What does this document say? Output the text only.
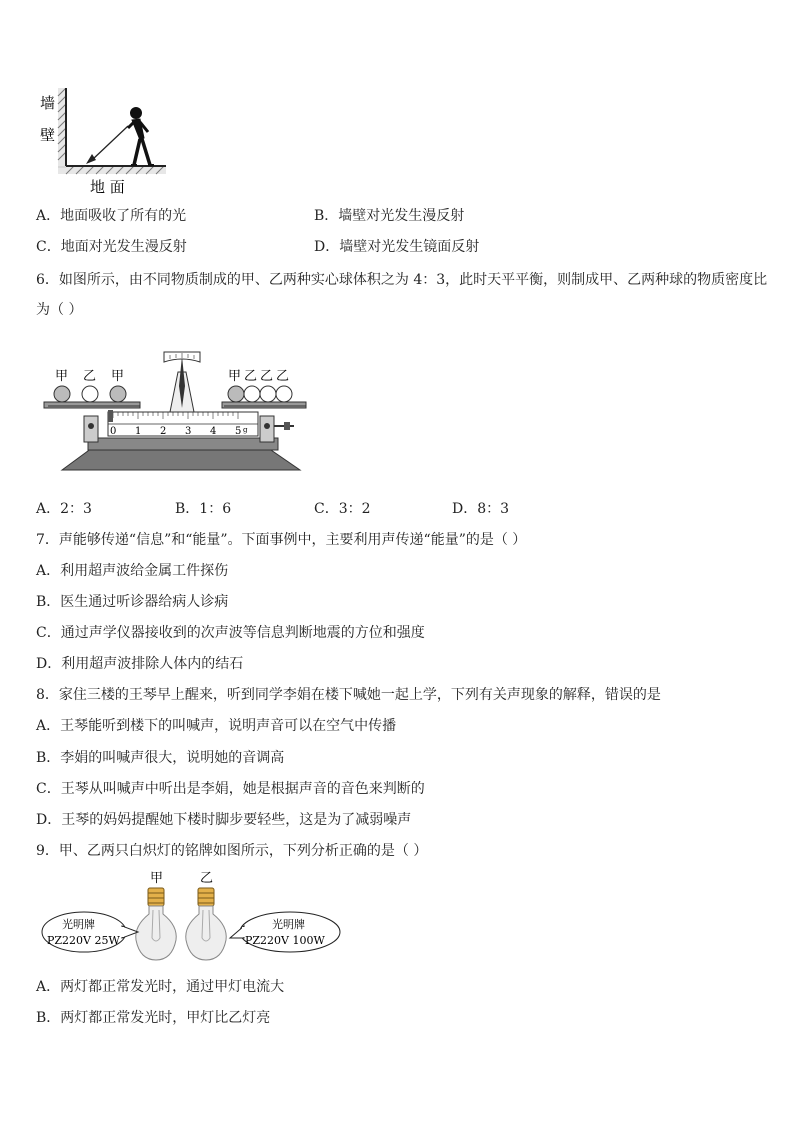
墙
壁
地 面
A．地面吸收了所有的光	B．墙壁对光发生漫反射
C．地面对光发生漫反射	D．墙壁对光发生镜面反射
6．如图所示，由不同物质制成的甲、乙两种实心球体积之为 4：3，此时天平平衡，则制成甲、乙两种球的物质密度比
为（ ）
0 1 2 3 4 5 g
甲 乙 甲	甲 乙 乙 乙
A．2：3	B．1：6	C．3：2	D．8：3
7．声能够传递“信息”和“能量”。下面事例中，主要利用声传递“能量”的是（ ）
A．利用超声波给金属工件探伤
B．医生通过听诊器给病人诊病
C．通过声学仪器接收到的次声波等信息判断地震的方位和强度
D．利用超声波排除人体内的结石
8．家住三楼的王琴早上醒来，听到同学李娟在楼下喊她一起上学，下列有关声现象的解释，错误的是
A．王琴能听到楼下的叫喊声，说明声音可以在空气中传播
B．李娟的叫喊声很大，说明她的音调高
C．王琴从叫喊声中听出是李娟，她是根据声音的音色来判断的
D．王琴的妈妈提醒她下楼时脚步要轻些，这是为了减弱噪声
9．甲、乙两只白炽灯的铭牌如图所示，下列分析正确的是（ ）
甲	乙
光明牌
PZ220V 25W
光明牌
PZ220V 100W
A．两灯都正常发光时，通过甲灯电流大
B．两灯都正常发光时，甲灯比乙灯亮
